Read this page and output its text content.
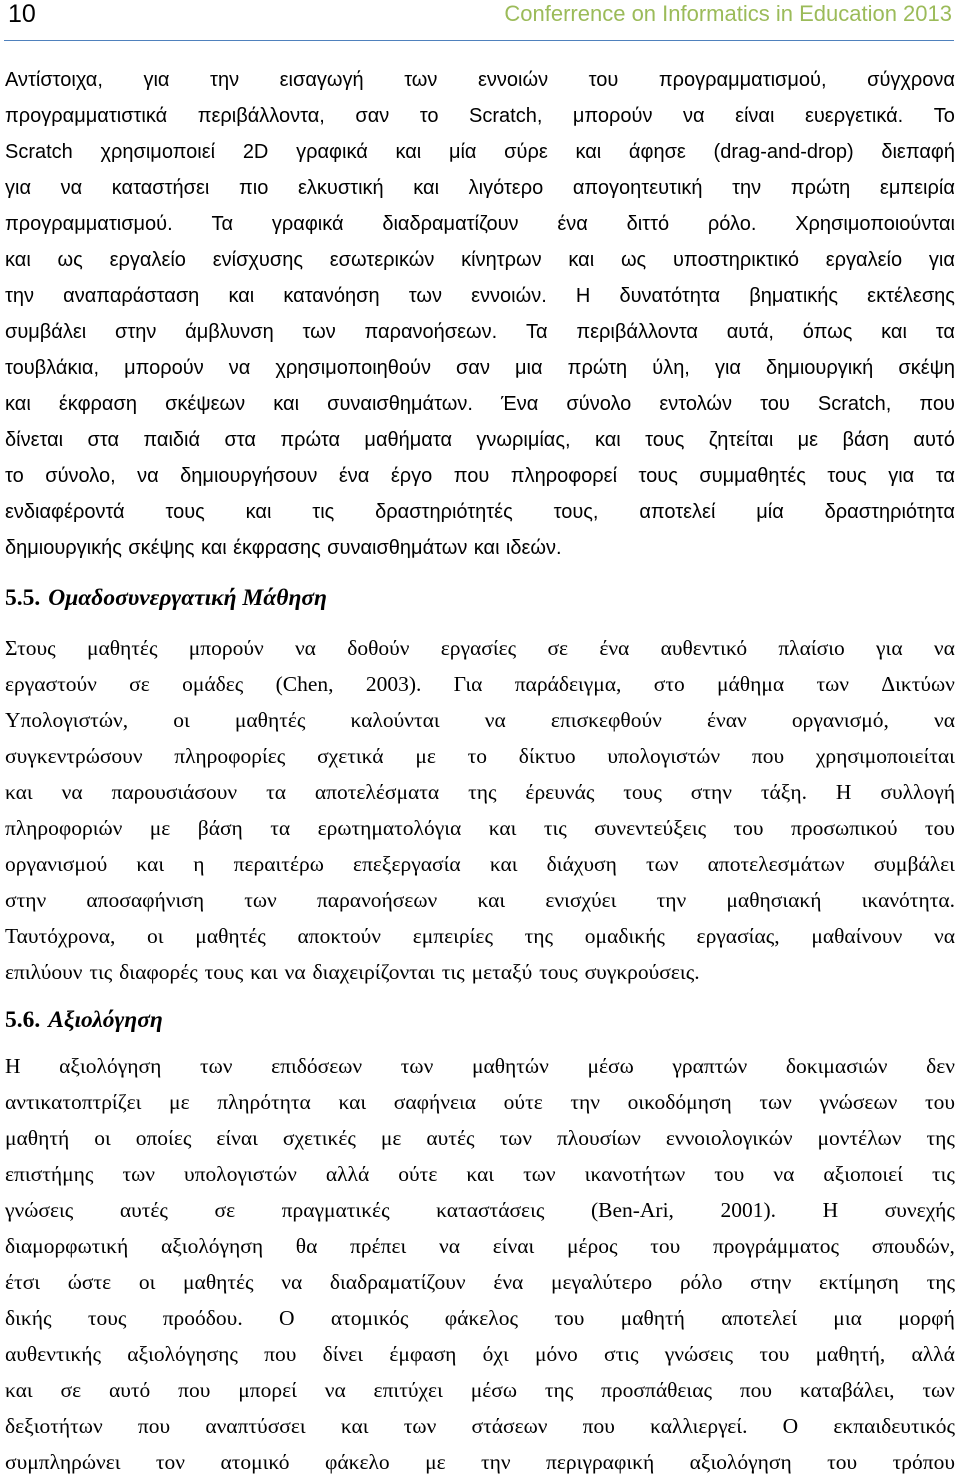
10	Conferrence on Informatics in Education 2013
Αντίστοιχα, για την εισαγωγή των εννοιών του προγραμματισμού, σύγχρονα
προγραμματιστικά περιβάλλοντα, σαν το Scratch, μπορούν να είναι ευεργετικά. Το
Scratch χρησιμοποιεί 2D γραφικά και μία σύρε και άφησε (drag-and-drop) διεπαφή
για να καταστήσει πιο ελκυστική και λιγότερο απογοητευτική την πρώτη εμπειρία
προγραμματισμού. Τα γραφικά διαδραματίζουν ένα διττό ρόλο. Χρησιμοποιούνται
και ως εργαλείο ενίσχυσης εσωτερικών κίνητρων και ως υποστηρικτικό εργαλείο για
την αναπαράσταση και κατανόηση των εννοιών. Η δυνατότητα βηματικής εκτέλεσης
συμβάλει στην άμβλυνση των παρανοήσεων. Τα περιβάλλοντα αυτά, όπως και τα
τουβλάκια, μπορούν να χρησιμοποιηθούν σαν μια πρώτη ύλη, για δημιουργική σκέψη
και έκφραση σκέψεων και συναισθημάτων. Ένα σύνολο εντολών του Scratch, που
δίνεται στα παιδιά στα πρώτα μαθήματα γνωριμίας, και τους ζητείται με βάση αυτό
το σύνολο, να δημιουργήσουν ένα έργο που πληροφορεί τους συμμαθητές τους για τα
ενδιαφέροντά τους και τις δραστηριότητές τους, αποτελεί μία δραστηριότητα
δημιουργικής σκέψης και έκφρασης συναισθημάτων και ιδεών.
5.5. Ομαδοσυνεργατική Μάθηση
Στους μαθητές μπορούν να δοθούν εργασίες σε ένα αυθεντικό πλαίσιο για να
εργαστούν σε ομάδες (Chen, 2003). Για παράδειγμα, στο μάθημα των Δικτύων
Υπολογιστών, οι μαθητές καλούνται να επισκεφθούν έναν οργανισμό, να
συγκεντρώσουν πληροφορίες σχετικά με το δίκτυο υπολογιστών που χρησιμοποιείται
και να παρουσιάσουν τα αποτελέσματα της έρευνάς τους στην τάξη. Η συλλογή
πληροφοριών με βάση τα ερωτηματολόγια και τις συνεντεύξεις του προσωπικού του
οργανισμού και η περαιτέρω επεξεργασία και διάχυση των αποτελεσμάτων συμβάλει
στην αποσαφήνιση των παρανοήσεων και ενισχύει την μαθησιακή ικανότητα.
Ταυτόχρονα, οι μαθητές αποκτούν εμπειρίες της ομαδικής εργασίας, μαθαίνουν να
επιλύουν τις διαφορές τους και να διαχειρίζονται τις μεταξύ τους συγκρούσεις.
5.6. Αξιολόγηση
Η αξιολόγηση των επιδόσεων των μαθητών μέσω γραπτών δοκιμασιών δεν
αντικατοπτρίζει με πληρότητα και σαφήνεια ούτε την οικοδόμηση των γνώσεων του
μαθητή οι οποίες είναι σχετικές με αυτές των πλουσίων εννοιολογικών μοντέλων της
επιστήμης των υπολογιστών αλλά ούτε και των ικανοτήτων του να αξιοποιεί τις
γνώσεις αυτές σε πραγματικές καταστάσεις (Ben-Ari, 2001). Η συνεχής
διαμορφωτική αξιολόγηση θα πρέπει να είναι μέρος του προγράμματος σπουδών,
έτσι ώστε οι μαθητές να διαδραματίζουν ένα μεγαλύτερο ρόλο στην εκτίμηση της
δικής τους προόδου. Ο ατομικός φάκελος του μαθητή αποτελεί μια μορφή
αυθεντικής αξιολόγησης που δίνει έμφαση όχι μόνο στις γνώσεις του μαθητή, αλλά
και σε αυτό που μπορεί να επιτύχει μέσω της προσπάθειας που καταβάλει, των
δεξιοτήτων που αναπτύσσει και των στάσεων που καλλιεργεί. Ο εκπαιδευτικός
συμπληρώνει τον ατομικό φάκελο με την περιγραφική αξιολόγηση του τρόπου
